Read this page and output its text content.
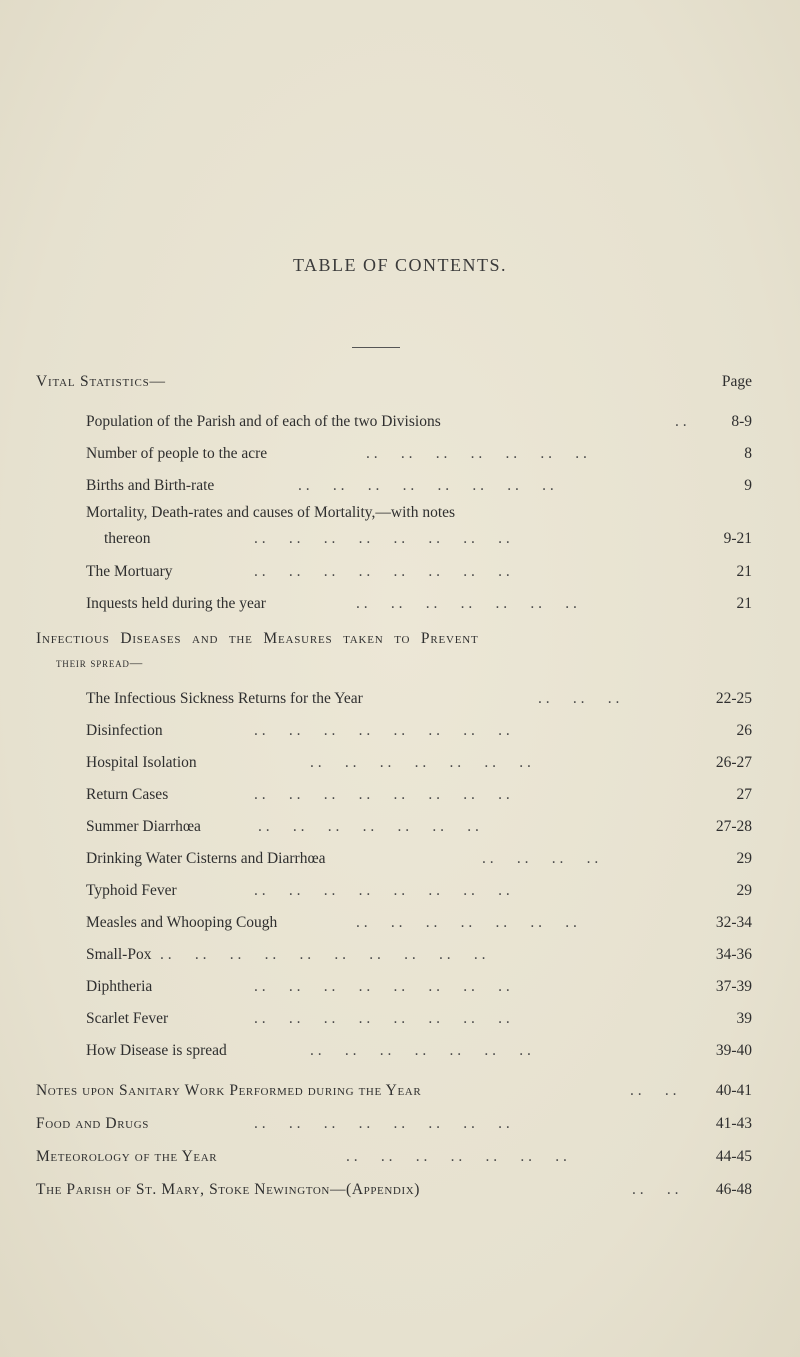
TABLE OF CONTENTS.
Vital Statistics—	Page
Population of the Parish and of each of the two Divisions	. .	8-9
Number of people to the acre	. .      . .      . .      . .      . .      . .      . .	8
Births and Birth-rate	. .      . .      . .      . .      . .      . .      . .      . .	9
Mortality, Death-rates and causes of Mortality,—with notes
thereon	. .      . .      . .      . .      . .      . .      . .      . .	9-21
The Mortuary	. .      . .      . .      . .      . .      . .      . .      . .	21
Inquests held during the year	. .      . .      . .      . .      . .      . .      . .	21
Infectious Diseases and the Measures taken to Prevent
their spread—
The Infectious Sickness Returns for the Year	. .      . .      . .	22-25
Disinfection	. .      . .      . .      . .      . .      . .      . .      . .	26
Hospital Isolation	. .      . .      . .      . .      . .      . .      . .	26-27
Return Cases	. .      . .      . .      . .      . .      . .      . .      . .	27
Summer Diarrhœa	. .      . .      . .      . .      . .      . .      . .	27-28
Drinking Water Cisterns and Diarrhœa	. .      . .      . .      . .	29
Typhoid Fever	. .      . .      . .      . .      . .      . .      . .      . .	29
Measles and Whooping Cough	. .      . .      . .      . .      . .      . .      . .	32-34
Small-Pox . .      . .      . .      . .      . .      . .      . .      . .      . .      . .	34-36
Diphtheria	. .      . .      . .      . .      . .      . .      . .      . .	37-39
Scarlet Fever	. .      . .      . .      . .      . .      . .      . .      . .	39
How Disease is spread	. .      . .      . .      . .      . .      . .      . .	39-40
Notes upon Sanitary Work Performed during the Year	. .      . .	40-41
Food and Drugs	. .      . .      . .      . .      . .      . .      . .      . .	41-43
Meteorology of the Year	. .      . .      . .      . .      . .      . .      . .	44-45
The Parish of St. Mary, Stoke Newington—(Appendix)	. .      . .	46-48
